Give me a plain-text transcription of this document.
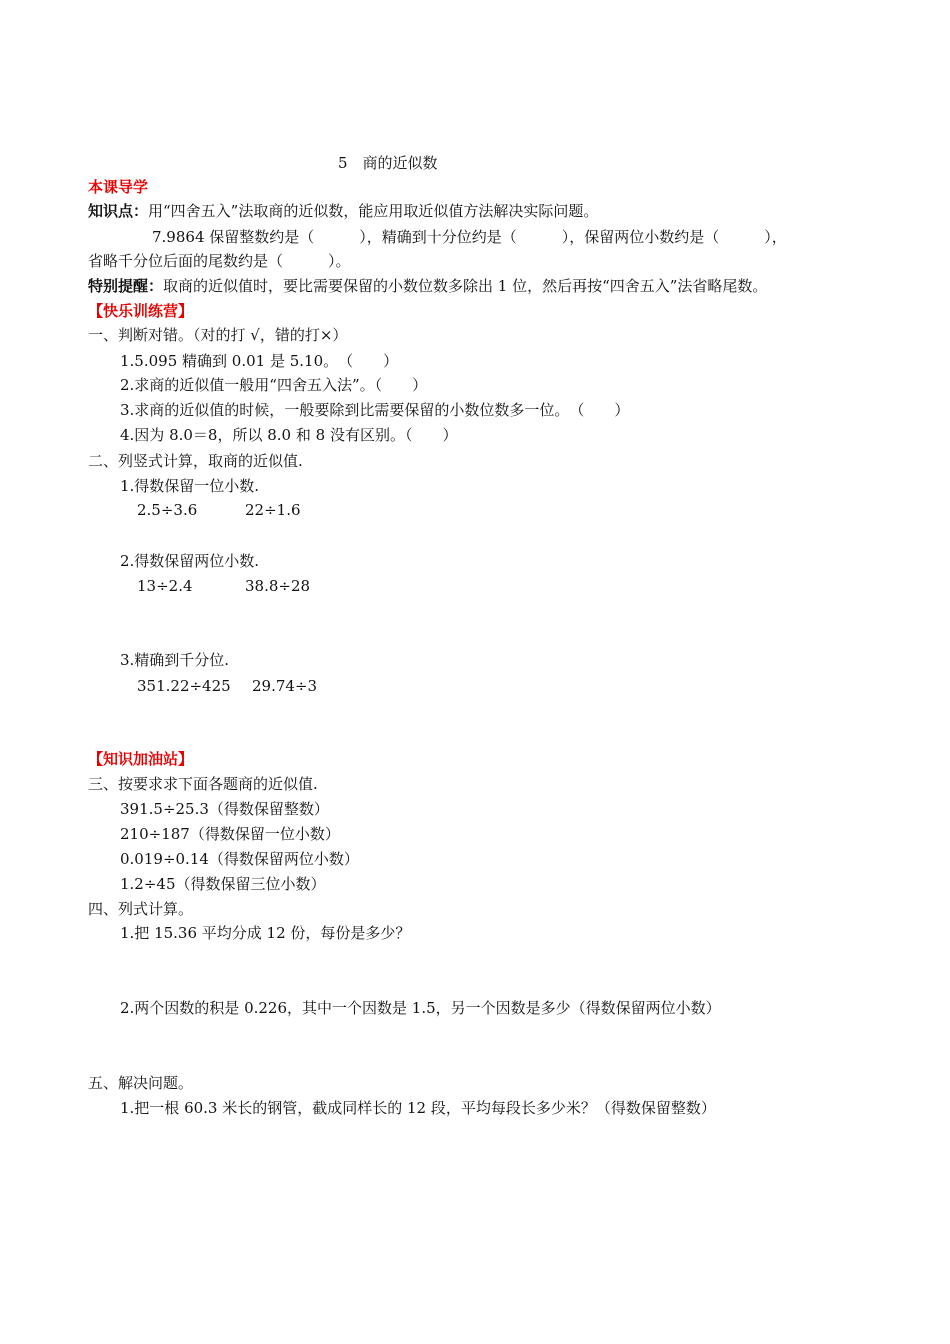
5　商的近似数
本课导学
知识点：用“四舍五入”法取商的近似数，能应用取近似值方法解决实际问题。
7.9864 保留整数约是（　　　），精确到十分位约是（　　　），保留两位小数约是（　　　），
省略千分位后面的尾数约是（　　　）。
特别提醒：取商的近似值时，要比需要保留的小数位数多除出 1 位，然后再按“四舍五入”法省略尾数。
【快乐训练营】
一、判断对错。（对的打 √，错的打×）
1.5.095 精确到 0.01 是 5.10。　（　　）
2.求商的近似值一般用“四舍五入法”。（　　）
3.求商的近似值的时候，一般要除到比需要保留的小数位数多一位。　（　　）
4.因为 8.0＝8，所以 8.0 和 8 没有区别。（　　）
二、列竖式计算，取商的近似值.
1.得数保留一位小数.
2.5÷3.6	22÷1.6
2.得数保留两位小数.
13÷2.4	38.8÷28
3.精确到千分位.
351.22÷425 29.74÷3
【知识加油站】
三、按要求求下面各题商的近似值.
391.5÷25.3（得数保留整数）
210÷187（得数保留一位小数）
0.019÷0.14（得数保留两位小数）
1.2÷45（得数保留三位小数）
四、列式计算。
1.把 15.36 平均分成 12 份，每份是多少？
2.两个因数的积是 0.226，其中一个因数是 1.5，另一个因数是多少（得数保留两位小数）
五、解决问题。
1.把一根 60.3 米长的钢管，截成同样长的 12 段，平均每段长多少米？（得数保留整数）
